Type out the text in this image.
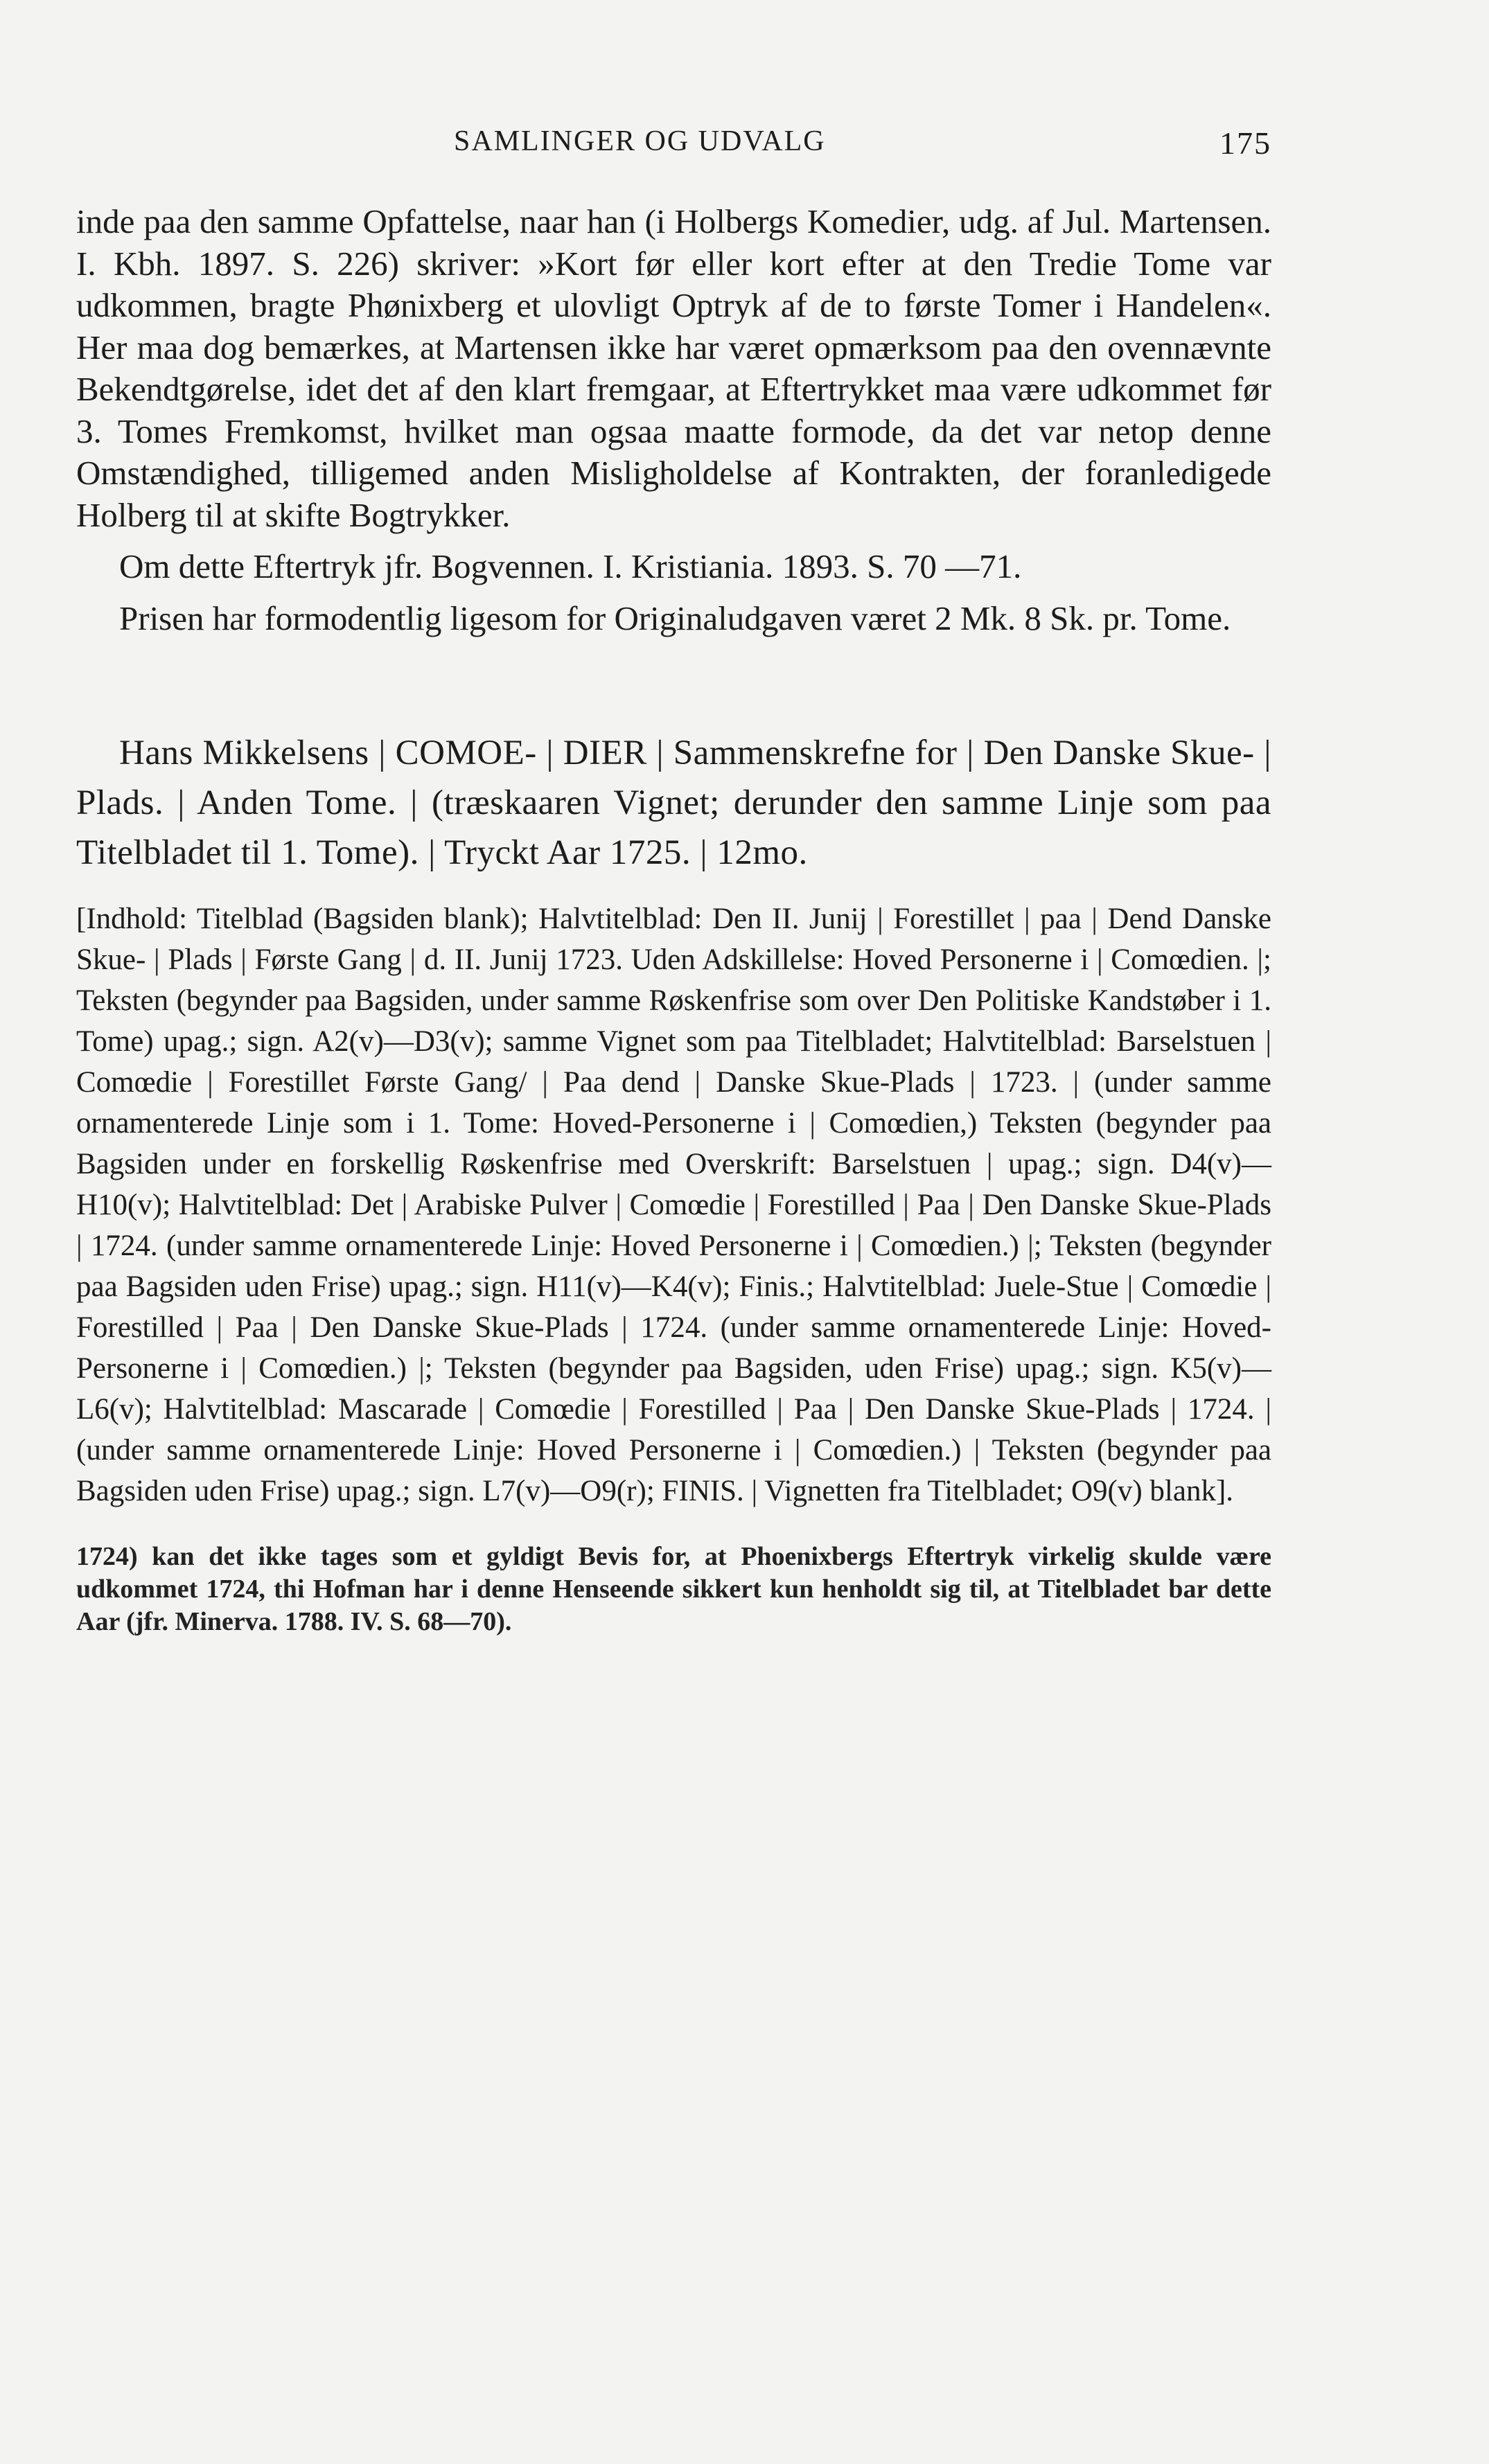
SAMLINGER OG UDVALG	175

inde paa den samme Opfattelse, naar han (i Holbergs Komedier, udg. af Jul. Martensen. I. Kbh. 1897. S. 226) skriver: »Kort før eller kort efter at den Tredie Tome var udkommen, bragte Phønixberg et ulovligt Optryk af de to første Tomer i Handelen«. Her maa dog bemærkes, at Martensen ikke har været opmærksom paa den ovennævnte Bekendtgørelse, idet det af den klart fremgaar, at Eftertrykket maa være udkommet før 3. Tomes Fremkomst, hvilket man ogsaa maatte formode, da det var netop denne Omstændighed, tilligemed anden Misligholdelse af Kontrakten, der foranledigede Holberg til at skifte Bogtrykker.

Om dette Eftertryk jfr. Bogvennen. I. Kristiania. 1893. S. 70 —71.

Prisen har formodentlig ligesom for Originaludgaven været 2 Mk. 8 Sk. pr. Tome.

Hans Mikkelsens | COMOE- | DIER | Sammenskrefne for | Den Danske Skue- | Plads. | Anden Tome. | (træskaaren Vignet; derunder den samme Linje som paa Titelbladet til 1. Tome). | Tryckt Aar 1725. | 12mo.

[Indhold: Titelblad (Bagsiden blank); Halvtitelblad: Den II. Junij | Forestillet | paa | Dend Danske Skue- | Plads | Første Gang | d. II. Junij 1723. Uden Adskillelse: Hoved Personerne i | Comœdien. |; Teksten (begynder paa Bagsiden, under samme Røskenfrise som over Den Politiske Kandstøber i 1. Tome) upag.; sign. A2(v)—D3(v); samme Vignet som paa Titelbladet; Halvtitelblad: Barselstuen | Comœdie | Forestillet Første Gang/ | Paa dend | Danske Skue-Plads | 1723. | (under samme ornamenterede Linje som i 1. Tome: Hoved-Personerne i | Comœdien,) Teksten (begynder paa Bagsiden under en forskellig Røskenfrise med Overskrift: Barselstuen | upag.; sign. D4(v)—H10(v); Halvtitelblad: Det | Arabiske Pulver | Comœdie | Forestilled | Paa | Den Danske Skue-Plads | 1724. (under samme ornamenterede Linje: Hoved Personerne i | Comœdien.) |; Teksten (begynder paa Bagsiden uden Frise) upag.; sign. H11(v)—K4(v); Finis.; Halvtitelblad: Juele-Stue | Comœdie | Forestilled | Paa | Den Danske Skue-Plads | 1724. (under samme ornamenterede Linje: Hoved-Personerne i | Comœdien.) |; Teksten (begynder paa Bagsiden, uden Frise) upag.; sign. K5(v)—L6(v); Halvtitelblad: Mascarade | Comœdie | Forestilled | Paa | Den Danske Skue-Plads | 1724. | (under samme ornamenterede Linje: Hoved Personerne i | Comœdien.) | Teksten (begynder paa Bagsiden uden Frise) upag.; sign. L7(v)—O9(r); FINIS. | Vignetten fra Titelbladet; O9(v) blank].

1724) kan det ikke tages som et gyldigt Bevis for, at Phoenixbergs Eftertryk virkelig skulde være udkommet 1724, thi Hofman har i denne Henseende sikkert kun henholdt sig til, at Titelbladet bar dette Aar (jfr. Minerva. 1788. IV. S. 68—70).
